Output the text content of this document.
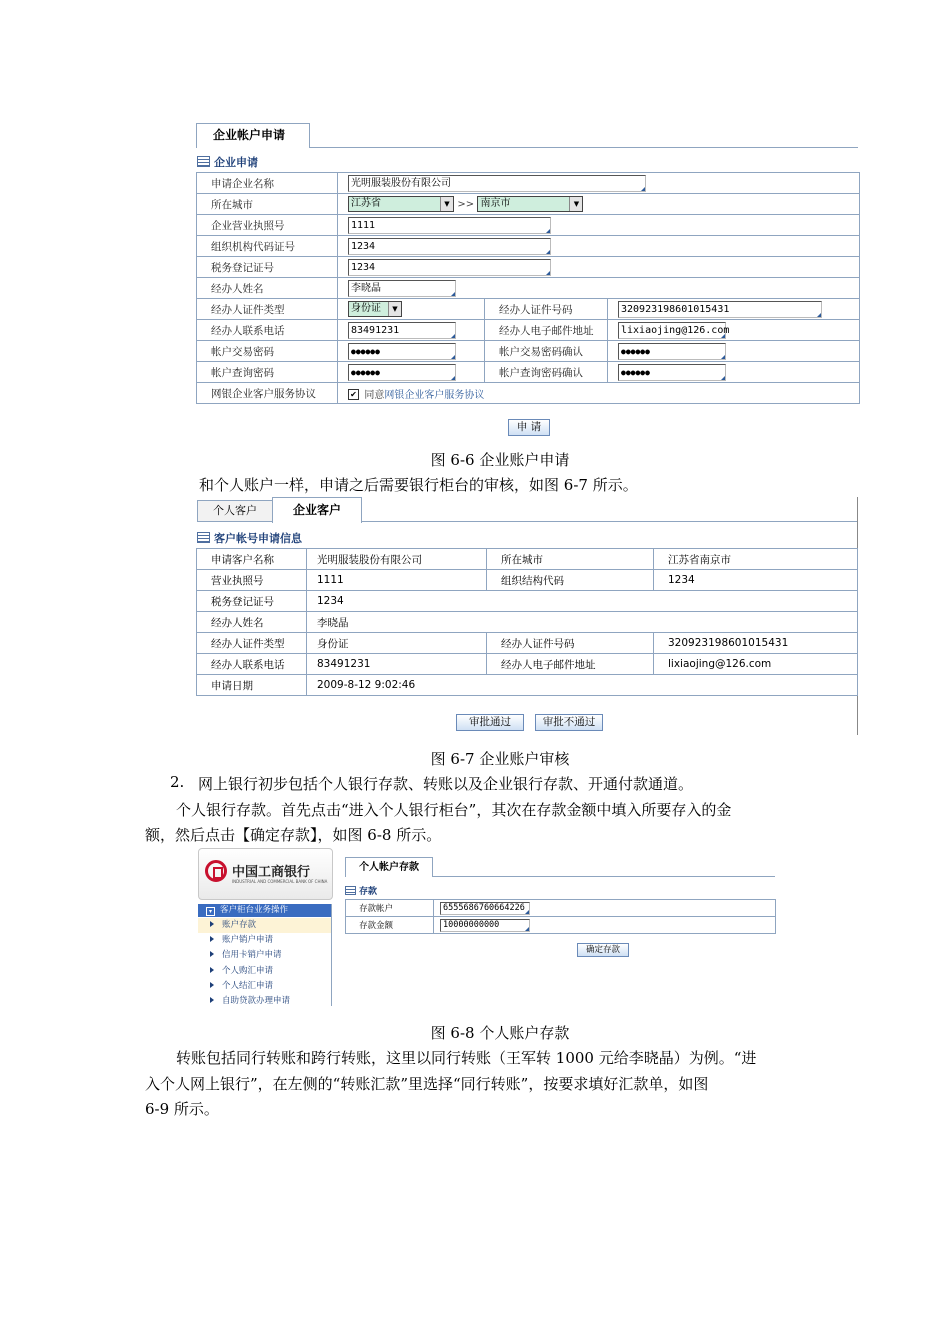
企业帐户申请
企业申请
申请企业名称	光明服装股份有限公司		
所在城市	江苏省 ▼ >> 南京市 ▼		

企业营业执照号	1111		
组织机构代码证号	1234		
税务登记证号	1234		
经办人姓名	李晓晶		
经办人证件类型	身份证 ▼	经办人证件号码	320923198601015431
经办人联系电话	83491231	经办人电子邮件地址	lixiaojing@126.com
帐户交易密码	●●●●●●	帐户交易密码确认	●●●●●●
帐户查询密码	●●●●●●	帐户查询密码确认	●●●●●●
网银企业客户服务协议	✔ 同意网银企业客户服务协议		
申 请
图 6-6 企业账户申请
和个人账户一样，申请之后需要银行柜台的审核，如图 6-7 所示。
个人客户	企业客户
客户帐号申请信息
申请客户名称	光明服装股份有限公司	所在城市	江苏省南京市
营业执照号	1111	组织结构代码	1234
税务登记证号	1234		
经办人姓名	李晓晶		
经办人证件类型	身份证	经办人证件号码	320923198601015431
经办人联系电话	83491231	经办人电子邮件地址	lixiaojing@126.com
申请日期	2009-8-12 9:02:46		
审批通过	审批不通过
图 6-7 企业账户审核
2. 网上银行初步包括个人银行存款、转账以及企业银行存款、开通付款通道。
个人银行存款。首先点击“进入个人银行柜台”，其次在存款金额中填入所要存入的金
额，然后点击【确定存款】，如图 6-8 所示。
中国工商银行
INDUSTRIAL AND COMMERCIAL BANK OF CHINA
▾ 客户柜台业务操作
账户存款
账户销户申请
信用卡销户申请
个人购汇申请
个人结汇申请
自助贷款办理申请
个人帐户存款
存款
存款帐户	6555686760664226
存款金额	10000000000
确定存款
图 6-8 个人账户存款
转账包括同行转账和跨行转账，这里以同行转账（王军转 1000 元给李晓晶）为例。“进
入个人网上银行”，在左侧的“转账汇款”里选择“同行转账”，按要求填好汇款单，如图
6-9 所示。
